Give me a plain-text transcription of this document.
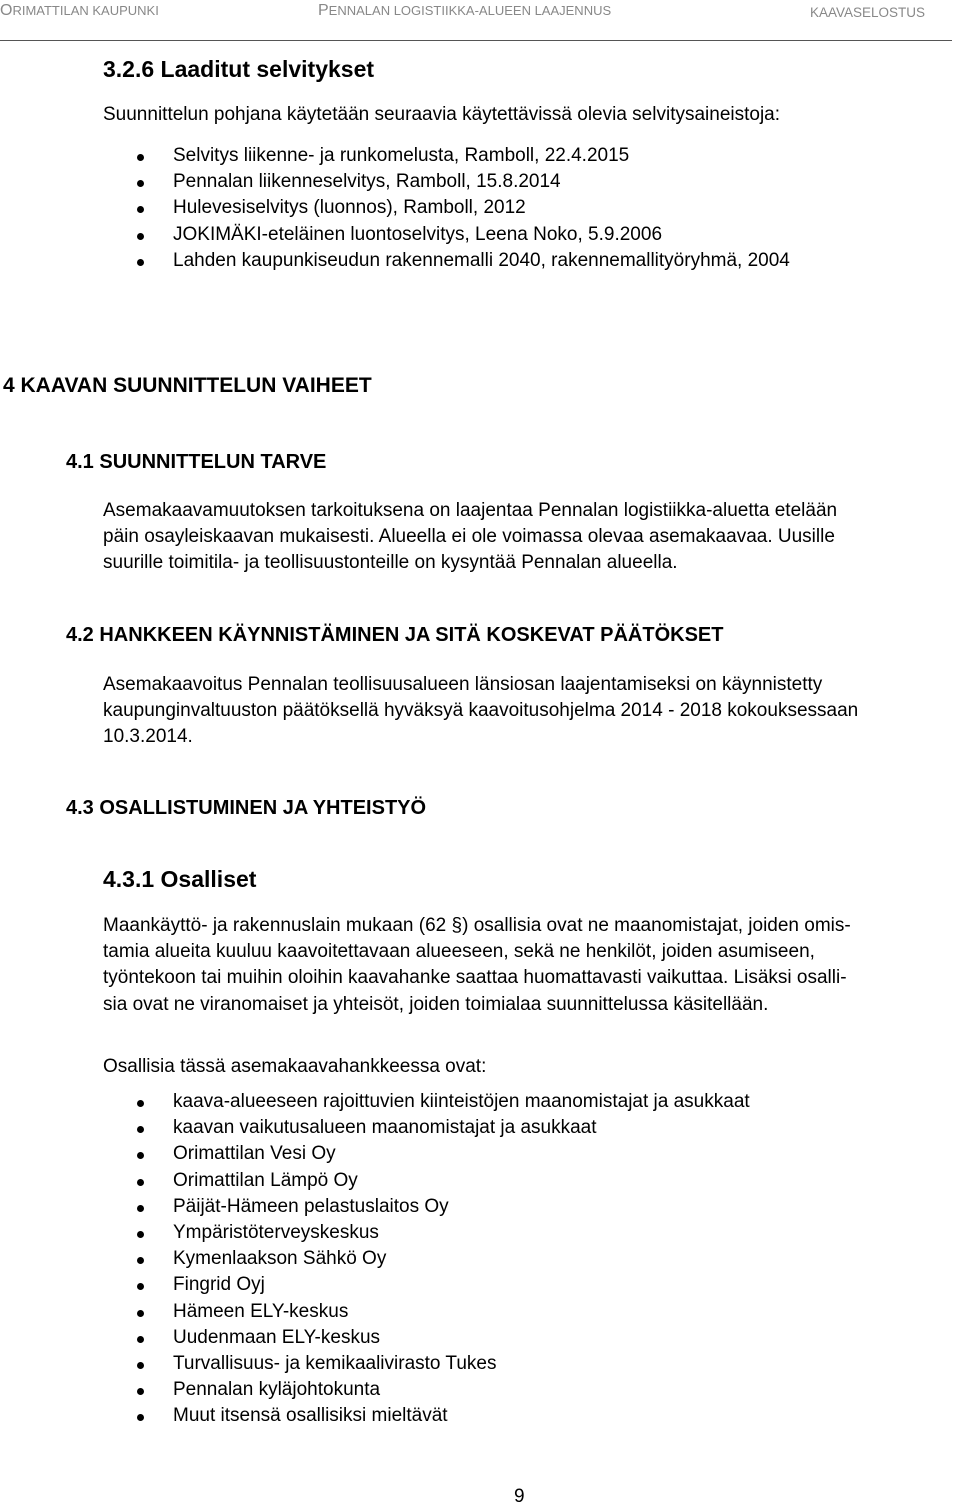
ORIMATTILAN KAUPUNKI	PENNALAN LOGISTIIKKA-ALUEEN LAAJENNUS	KAAVASELOSTUS
3.2.6 Laaditut selvitykset
Suunnittelun pohjana käytetään seuraavia käytettävissä olevia selvitysaineistoja:
Selvitys liikenne- ja runkomelusta, Ramboll, 22.4.2015
Pennalan liikenneselvitys, Ramboll, 15.8.2014
Hulevesiselvitys (luonnos), Ramboll, 2012
JOKIMÄKI-eteläinen luontoselvitys, Leena Noko, 5.9.2006
Lahden kaupunkiseudun rakennemalli 2040, rakennemallityöryhmä, 2004
4 KAAVAN SUUNNITTELUN VAIHEET
4.1 SUUNNITTELUN TARVE
Asemakaavamuutoksen tarkoituksena on laajentaa Pennalan logistiikka-aluetta etelään
päin osayleiskaavan mukaisesti. Alueella ei ole voimassa olevaa asemakaavaa. Uusille
suurille toimitila- ja teollisuustonteille on kysyntää Pennalan alueella.
4.2 HANKKEEN KÄYNNISTÄMINEN JA SITÄ KOSKEVAT PÄÄTÖKSET
Asemakaavoitus Pennalan teollisuusalueen länsiosan laajentamiseksi on käynnistetty
kaupunginvaltuuston päätöksellä hyväksyä kaavoitusohjelma 2014 - 2018 kokouksessaan
10.3.2014.
4.3 OSALLISTUMINEN JA YHTEISTYÖ
4.3.1 Osalliset
Maankäyttö- ja rakennuslain mukaan (62 §) osallisia ovat ne maanomistajat, joiden omis-
tamia alueita kuuluu kaavoitettavaan alueeseen, sekä ne henkilöt, joiden asumiseen,
työntekoon tai muihin oloihin kaavahanke saattaa huomattavasti vaikuttaa. Lisäksi osalli-
sia ovat ne viranomaiset ja yhteisöt, joiden toimialaa suunnittelussa käsitellään.
Osallisia tässä asemakaavahankkeessa ovat:
kaava-alueeseen rajoittuvien kiinteistöjen maanomistajat ja asukkaat
kaavan vaikutusalueen maanomistajat ja asukkaat
Orimattilan Vesi Oy
Orimattilan Lämpö Oy
Päijät-Hämeen pelastuslaitos Oy
Ympäristöterveyskeskus
Kymenlaakson Sähkö Oy
Fingrid Oyj
Hämeen ELY-keskus
Uudenmaan ELY-keskus
Turvallisuus- ja kemikaalivirasto Tukes
Pennalan kyläjohtokunta
Muut itsensä osallisiksi mieltävät
9
